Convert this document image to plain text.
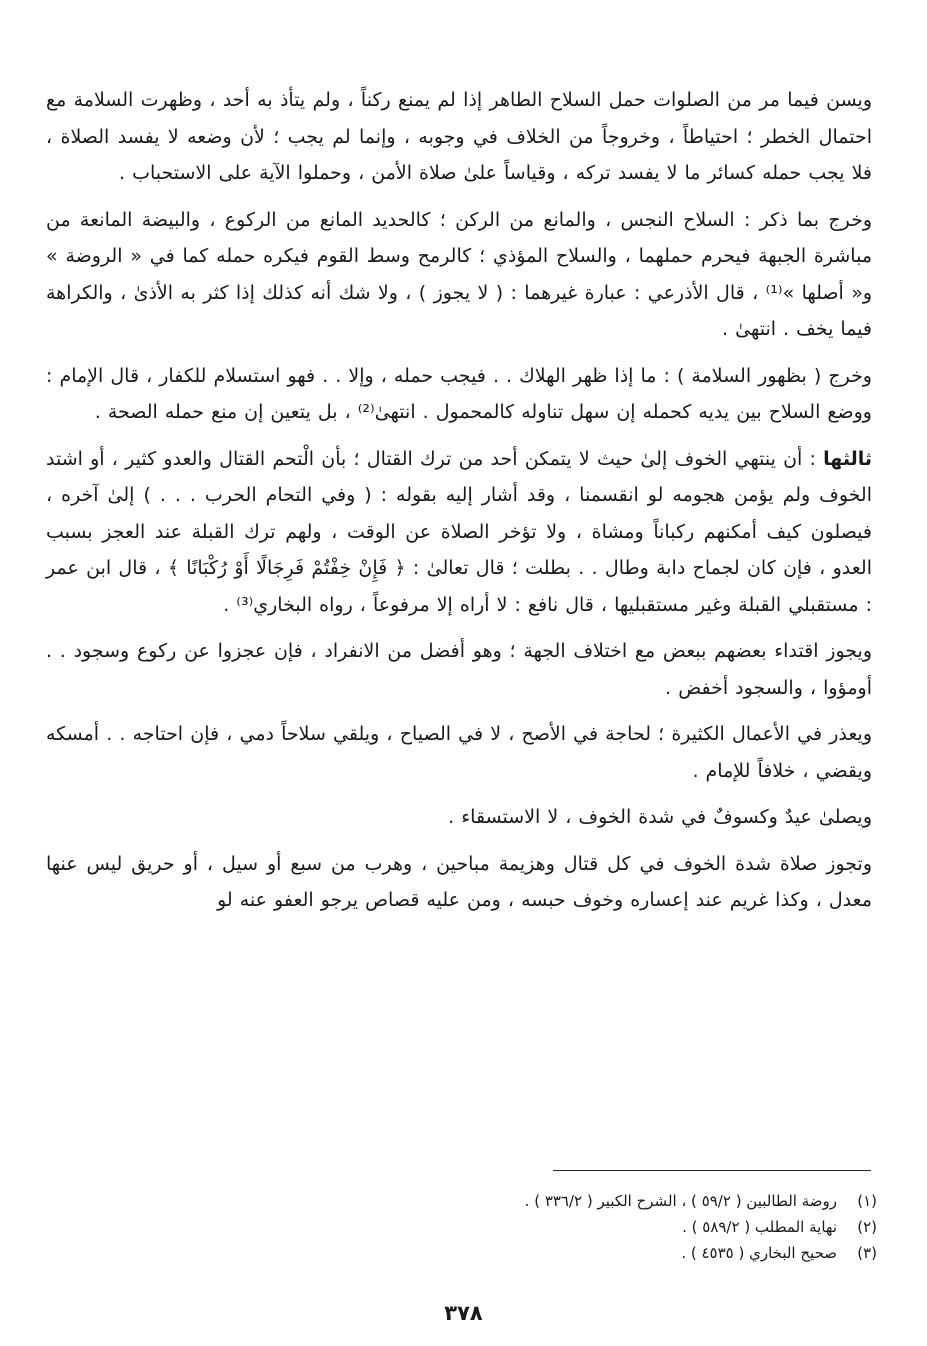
ويسن فيما مر من الصلوات حمل السلاح الطاهر إذا لم يمنع ركناً ، ولم يتأذ به أحد ، وظهرت السلامة مع احتمال الخطر ؛ احتياطاً ، وخروجاً من الخلاف في وجوبه ، وإنما لم يجب ؛ لأن وضعه لا يفسد الصلاة ، فلا يجب حمله كسائر ما لا يفسد تركه ، وقياساً علىٰ صلاة الأمن ، وحملوا الآية على الاستحباب .

وخرج بما ذكر : السلاح النجس ، والمانع من الركن ؛ كالحديد المانع من الركوع ، والبيضة المانعة من مباشرة الجبهة فيحرم حملهما ، والسلاح المؤذي ؛ كالرمح وسط القوم فيكره حمله كما في « الروضة » و« أصلها »⁽¹⁾ ، قال الأذرعي : عبارة غيرهما : ( لا يجوز ) ، ولا شك أنه كذلك إذا كثر به الأذىٰ ، والكراهة فيما يخف . انتهىٰ .

وخرج ( بظهور السلامة ) : ما إذا ظهر الهلاك . . فيجب حمله ، وإلا . . فهو استسلام للكفار ، قال الإمام : ووضع السلاح بين يديه كحمله إن سهل تناوله كالمحمول . انتهىٰ⁽²⁾ ، بل يتعين إن منع حمله الصحة .

ثالثها : أن ينتهي الخوف إلىٰ حيث لا يتمكن أحد من ترك القتال ؛ بأن الْتحم القتال والعدو كثير ، أو اشتد الخوف ولم يؤمن هجومه لو انقسمنا ، وقد أشار إليه بقوله : ( وفي التحام الحرب . . . ) إلىٰ آخره ، فيصلون كيف أمكنهم ركباناً ومشاة ، ولا تؤخر الصلاة عن الوقت ، ولهم ترك القبلة عند العجز بسبب العدو ، فإن كان لجماح دابة وطال . . بطلت ؛ قال تعالىٰ : ﴿ فَإِنْ خِفْتُمْ فَرِجَالًا أَوْ رُكْبَانًا ﴾ ، قال ابن عمر : مستقبلي القبلة وغير مستقبليها ، قال نافع : لا أراه إلا مرفوعاً ، رواه البخاري⁽³⁾ .

ويجوز اقتداء بعضهم ببعض مع اختلاف الجهة ؛ وهو أفضل من الانفراد ، فإن عجزوا عن ركوع وسجود . . أومؤوا ، والسجود أخفض .

ويعذر في الأعمال الكثيرة ؛ لحاجة في الأصح ، لا في الصياح ، ويلقي سلاحاً دمي ، فإن احتاجه . . أمسكه ويقضي ، خلافاً للإمام .

ويصلىٰ عيدٌ وكسوفٌ في شدة الخوف ، لا الاستسقاء .

وتجوز صلاة شدة الخوف في كل قتال وهزيمة مباحين ، وهرب من سبع أو سيل ، أو حريق ليس عنها معدل ، وكذا غريم عند إعساره وخوف حبسه ، ومن عليه قصاص يرجو العفو عنه لو

(١)
روضة الطالبين ( ٥٩/٢ ) ، الشرح الكبير ( ٣٣٦/٢ ) .
(٢)
نهاية المطلب ( ٥٨٩/٢ ) .
(٣)
صحيح البخاري ( ٤٥٣٥ ) .
٣٧٨
